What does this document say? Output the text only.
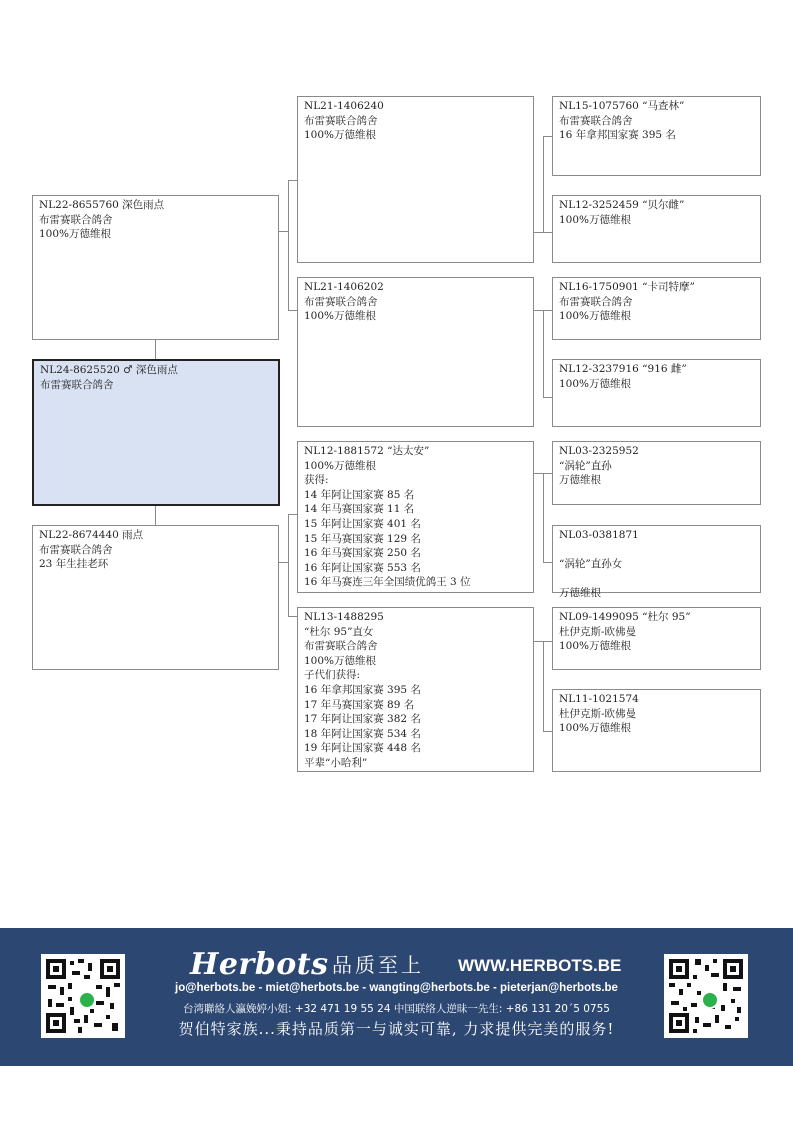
NL22-8655760 深色雨点
布雷赛联合鸽舍
100%万德维根
NL24-8625520 ♂ 深色雨点
布雷赛联合鸽舍
NL22-8674440 雨点
布雷赛联合鸽舍
23 年生挂老环
NL21-1406240
布雷赛联合鸽舍
100%万德维根
NL21-1406202
布雷赛联合鸽舍
100%万德维根
NL12-1881572 “达太安”
100%万德维根
获得:
14 年阿让国家赛 85 名
14 年马赛国家赛 11 名
15 年阿让国家赛 401 名
15 年马赛国家赛 129 名
16 年马赛国家赛 250 名
16 年阿让国家赛 553 名
16 年马赛连三年全国绩优鸽王 3 位
NL13-1488295
“杜尔 95”直女
布雷赛联合鸽舍
100%万德维根
子代们获得:
16 年拿邦国家赛 395 名
17 年马赛国家赛 89 名
17 年阿让国家赛 382 名
18 年阿让国家赛 534 名
19 年阿让国家赛 448 名
平辈“小哈利”
NL15-1075760 “马查林”
布雷赛联合鸽舍
16 年拿邦国家赛 395 名
NL12-3252459 “贝尔雌”
100%万德维根
NL16-1750901 “卡司特摩”
布雷赛联合鸽舍
100%万德维根
NL12-3237916 “916 雌”
100%万德维根
NL03-2325952
“涡轮”直孙
万德维根
NL03-0381871

“涡轮”直孙女

万德维根
NL09-1499095 “杜尔 95”
杜伊克斯-欧佛曼
100%万德维根
NL11-1021574
杜伊克斯-欧佛曼
100%万德维根
Herbots 品质至上 WWW.HERBOTS.BE
jo@herbots.be - miet@herbots.be - wangting@herbots.be - pieterjan@herbots.be
台湾聯絡人瀛娩婷小姐: +32 471 19 55 24 中国联络人逆昧一先生: +86 131 20´5 0755
贺伯特家族...秉持品质第一与诚实可靠, 力求提供完美的服务!
